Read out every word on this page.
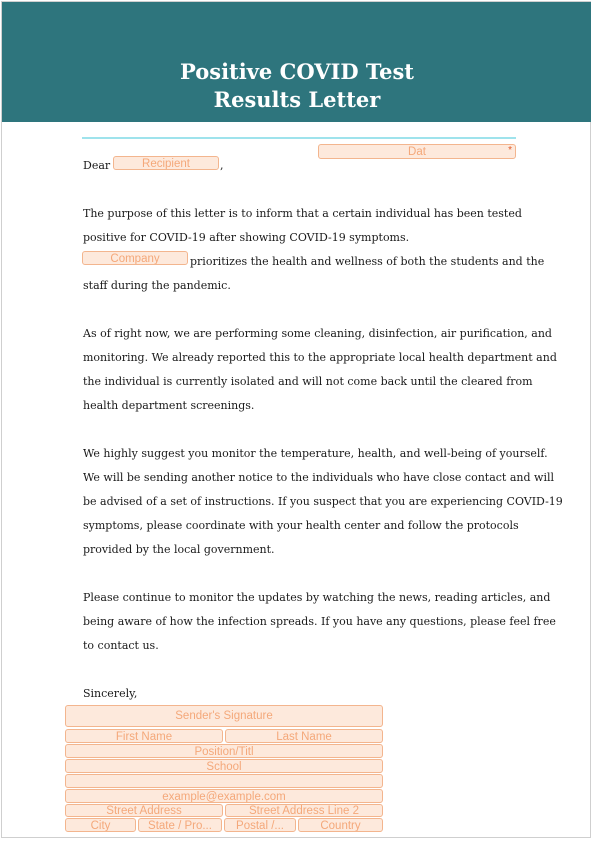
Positive COVID Test
Results Letter
Dear	Recipient	,
Dat	*
The purpose of this letter is to inform that a certain individual has been tested
positive for COVID-19 after showing COVID-19 symptoms.
Company	prioritizes the health and wellness of both the students and the
staff during the pandemic.
As of right now, we are performing some cleaning, disinfection, air purification, and
monitoring. We already reported this to the appropriate local health department and
the individual is currently isolated and will not come back until the cleared from
health department screenings.
We highly suggest you monitor the temperature, health, and well-being of yourself.
We will be sending another notice to the individuals who have close contact and will
be advised of a set of instructions. If you suspect that you are experiencing COVID-19
symptoms, please coordinate with your health center and follow the protocols
provided by the local government.
Please continue to monitor the updates by watching the news, reading articles, and
being aware of how the infection spreads. If you have any questions, please feel free
to contact us.
Sincerely,
Sender's Signature
First Name	Last Name
Position/Titl
School
example@example.com
Street Address	Street Address Line 2
City	State / Pro...	Postal /...	Country
